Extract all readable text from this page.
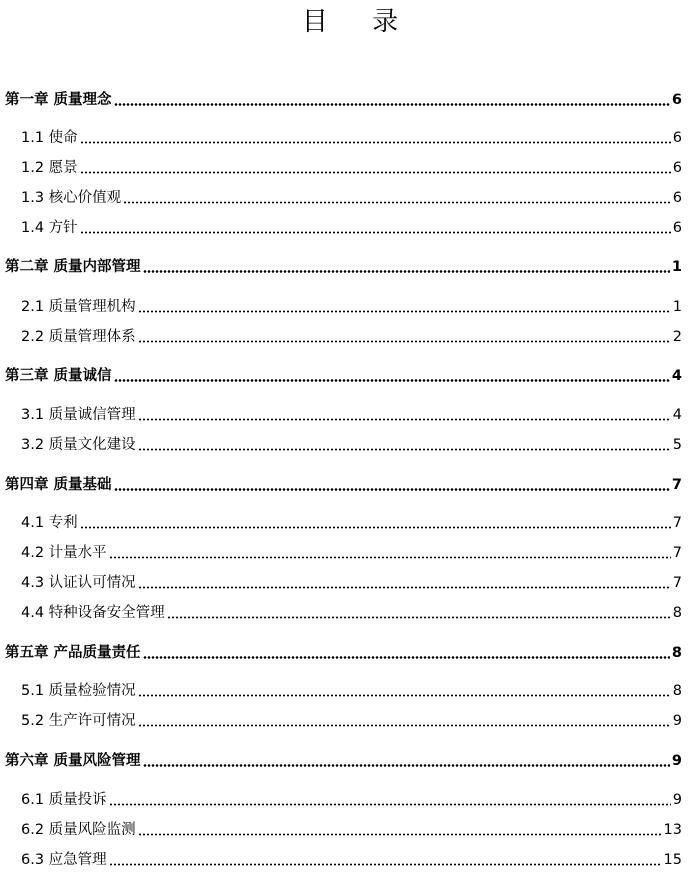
目 录
第一章 质量理念	6
1.1 使命	6
1.2 愿景	6
1.3 核心价值观	6
1.4 方针	6
第二章 质量内部管理	1
2.1 质量管理机构	1
2.2 质量管理体系	2
第三章 质量诚信	4
3.1 质量诚信管理	4
3.2 质量文化建设	5
第四章 质量基础	7
4.1 专利	7
4.2 计量水平	7
4.3 认证认可情况	7
4.4 特种设备安全管理	8
第五章 产品质量责任	8
5.1 质量检验情况	8
5.2 生产许可情况	9
第六章 质量风险管理	9
6.1 质量投诉	9
6.2 质量风险监测	13
6.3 应急管理	15
